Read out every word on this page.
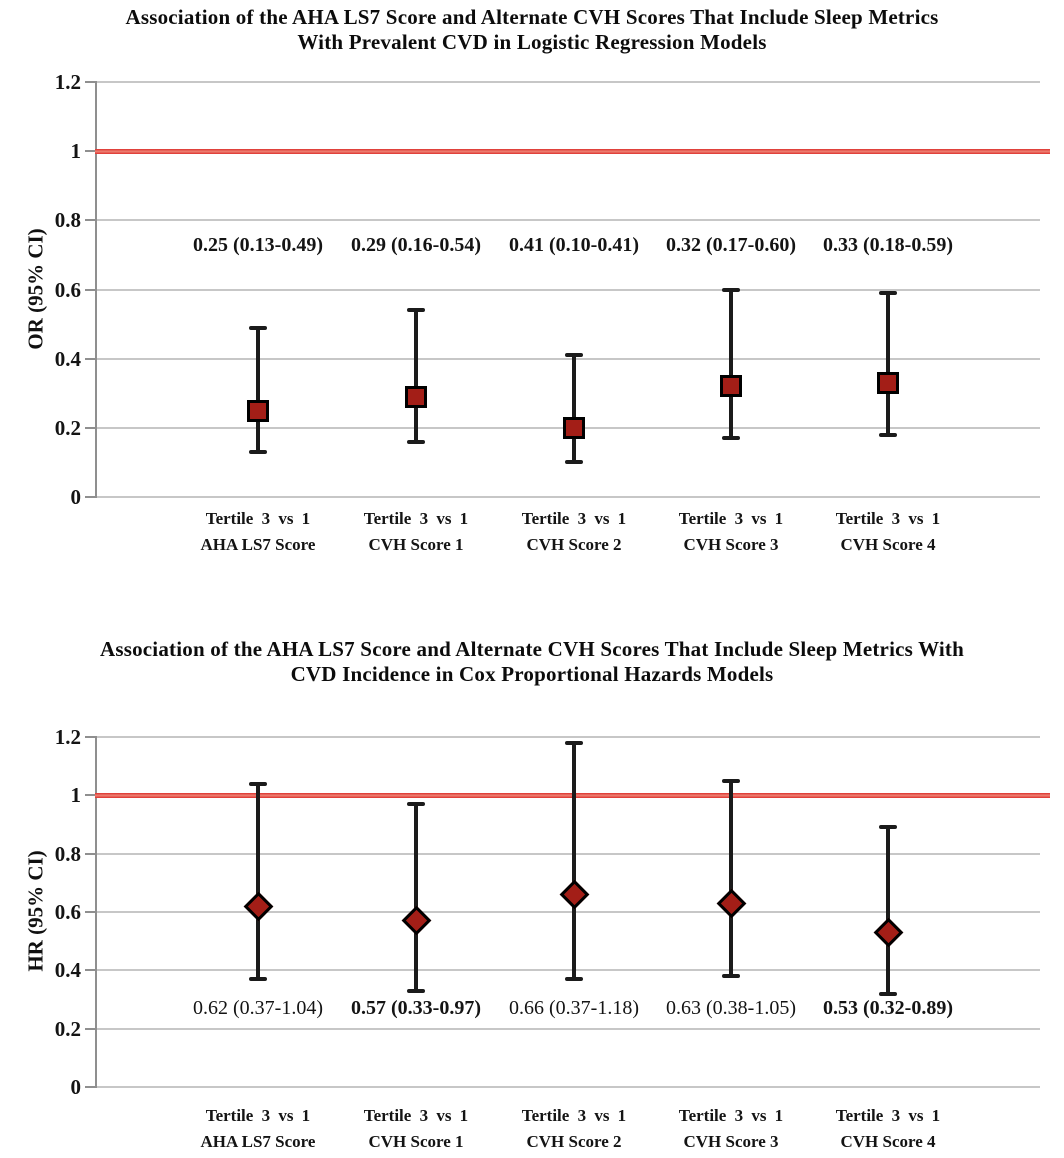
Association of the AHA LS7 Score and Alternate CVH Scores That Include Sleep Metrics
With Prevalent CVD in Logistic Regression Models
OR (95% CI)
1.2
1
0.8
0.6
0.4
0.2
0
0.25 (0.13-0.49)
Tertile 3 vs 1
AHA LS7 Score
0.29 (0.16-0.54)
Tertile 3 vs 1
CVH Score 1
0.41 (0.10-0.41)
Tertile 3 vs 1
CVH Score 2
0.32 (0.17-0.60)
Tertile 3 vs 1
CVH Score 3
0.33 (0.18-0.59)
Tertile 3 vs 1
CVH Score 4
Association of the AHA LS7 Score and Alternate CVH Scores That Include Sleep Metrics With
CVD Incidence in Cox Proportional Hazards Models
HR (95% CI)
1.2
1
0.8
0.6
0.4
0.2
0
0.62 (0.37-1.04)
Tertile 3 vs 1
AHA LS7 Score
0.57 (0.33-0.97)
Tertile 3 vs 1
CVH Score 1
0.66 (0.37-1.18)
Tertile 3 vs 1
CVH Score 2
0.63 (0.38-1.05)
Tertile 3 vs 1
CVH Score 3
0.53 (0.32-0.89)
Tertile 3 vs 1
CVH Score 4
